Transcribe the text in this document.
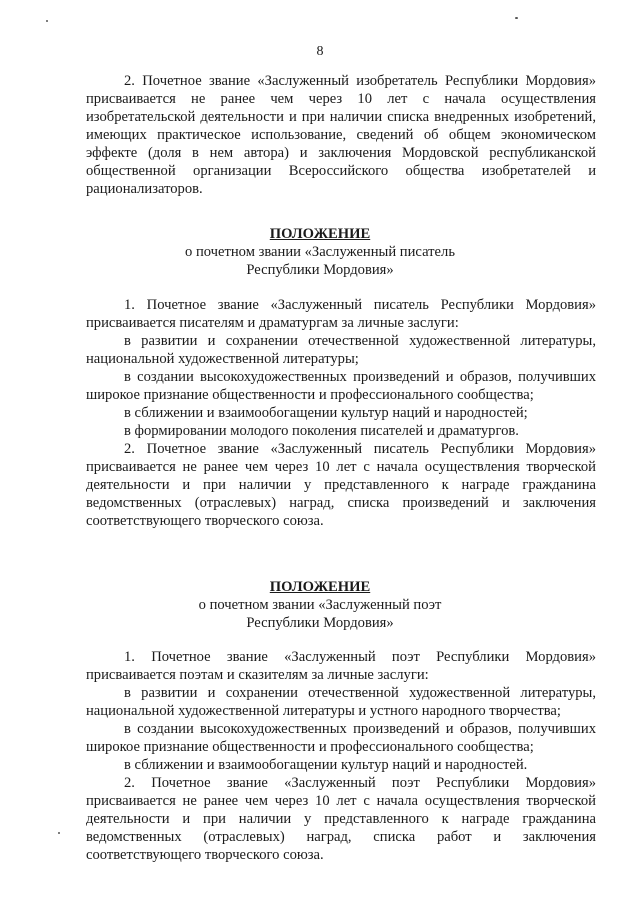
8

2. Почетное звание «Заслуженный изобретатель Республики Мордовия» присваивается не ранее чем через 10 лет с начала осуществления изобретательской деятельности и при наличии списка внедренных изобретений, имеющих практическое использование, сведений об общем экономическом эффекте (доля в нем автора) и заключения Мордовской республиканской общественной организации Всероссийского общества изобретателей и рационализаторов.

ПОЛОЖЕНИЕ
о почетном звании «Заслуженный писатель
Республики Мордовия»

1. Почетное звание «Заслуженный писатель Республики Мордовия» присваивается писателям и драматургам за личные заслуги:

в развитии и сохранении отечественной художественной литературы, национальной художественной литературы;

в создании высокохудожественных произведений и образов, получивших широкое признание общественности и профессионального сообщества;

в сближении и взаимообогащении культур наций и народностей;

в формировании молодого поколения писателей и драматургов.

2. Почетное звание «Заслуженный писатель Республики Мордовия» присваивается не ранее чем через 10 лет с начала осуществления творческой деятельности и при наличии у представленного к награде гражданина ведомственных (отраслевых) наград, списка произведений и заключения соответствующего творческого союза.

ПОЛОЖЕНИЕ
о почетном звании «Заслуженный поэт
Республики Мордовия»

1. Почетное звание «Заслуженный поэт Республики Мордовия» присваивается поэтам и сказителям за личные заслуги:

в развитии и сохранении отечественной художественной литературы, национальной художественной литературы и устного народного творчества;

в создании высокохудожественных произведений и образов, получивших широкое признание общественности и профессионального сообщества;

в сближении и взаимообогащении культур наций и народностей.

2. Почетное звание «Заслуженный поэт Республики Мордовия» присваивается не ранее чем через 10 лет с начала осуществления творческой деятельности и при наличии у представленного к награде гражданина ведомственных (отраслевых) наград, списка работ и заключения соответствующего творческого союза.
